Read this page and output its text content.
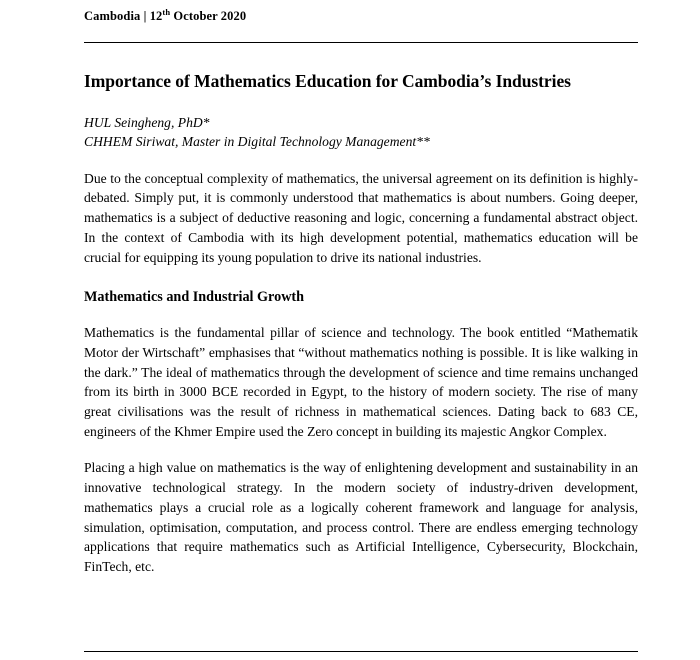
Cambodia | 12th October 2020
Importance of Mathematics Education for Cambodia’s Industries
HUL Seingheng, PhD*
CHHEM Siriwat, Master in Digital Technology Management**

Due to the conceptual complexity of mathematics, the universal agreement on its definition is highly-debated. Simply put, it is commonly understood that mathematics is about numbers. Going deeper, mathematics is a subject of deductive reasoning and logic, concerning a fundamental abstract object. In the context of Cambodia with its high development potential, mathematics education will be crucial for equipping its young population to drive its national industries.

Mathematics and Industrial Growth

Mathematics is the fundamental pillar of science and technology. The book entitled “Mathematik Motor der Wirtschaft” emphasises that “without mathematics nothing is possible. It is like walking in the dark.” The ideal of mathematics through the development of science and time remains unchanged from its birth in 3000 BCE recorded in Egypt, to the history of modern society. The rise of many great civilisations was the result of richness in mathematical sciences. Dating back to 683 CE, engineers of the Khmer Empire used the Zero concept in building its majestic Angkor Complex.

Placing a high value on mathematics is the way of enlightening development and sustainability in an innovative technological strategy. In the modern society of industry-driven development, mathematics plays a crucial role as a logically coherent framework and language for analysis, simulation, optimisation, computation, and process control. There are endless emerging technology applications that require mathematics such as Artificial Intelligence, Cybersecurity, Blockchain, FinTech, etc.
